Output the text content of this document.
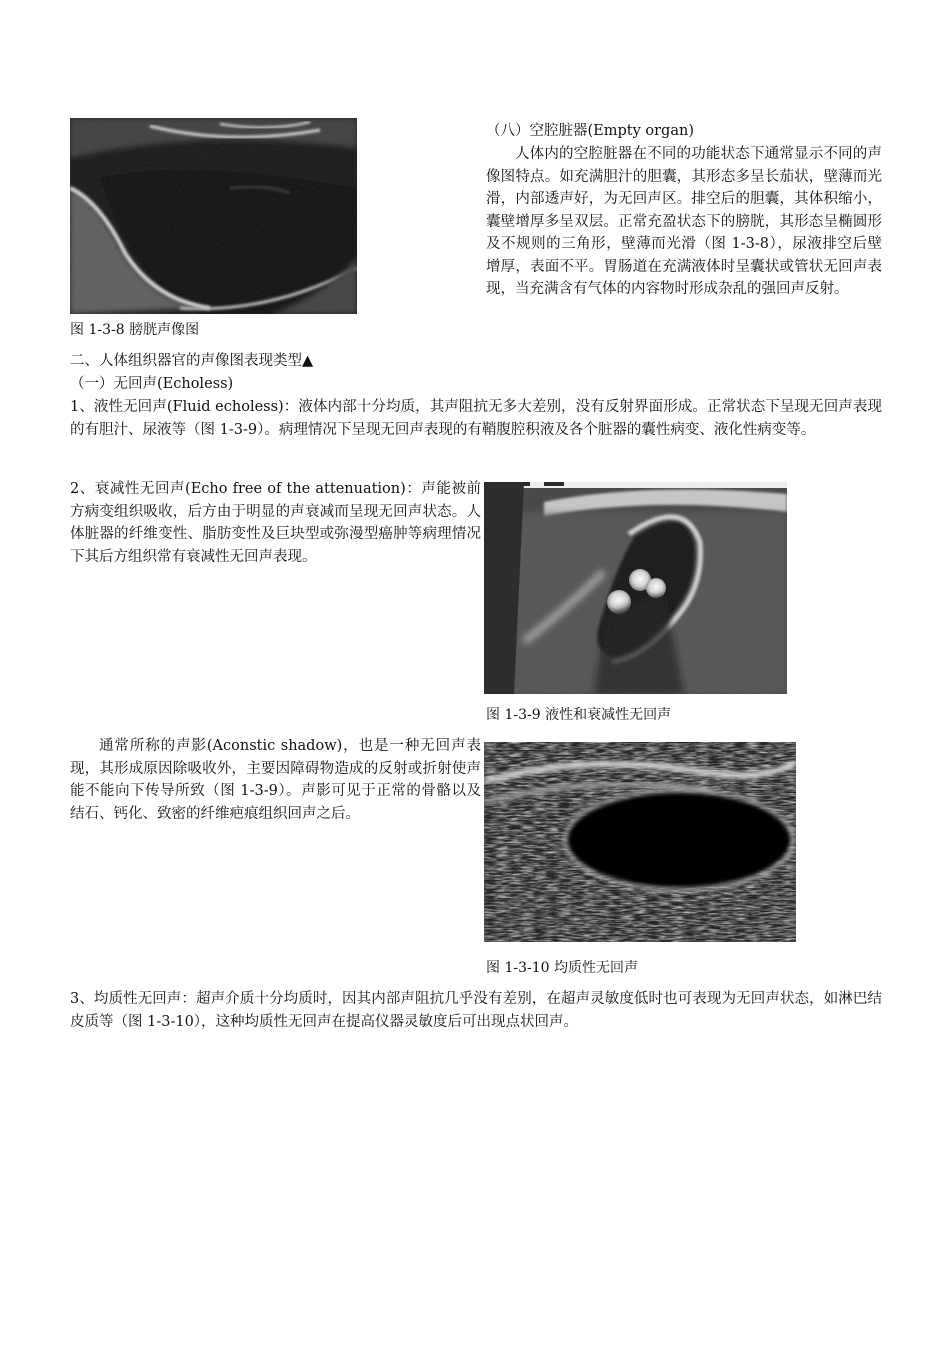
图 1-3-8 膀胱声像图
（八）空腔脏器(Empty organ)

人体内的空腔脏器在不同的功能状态下通常显示不同的声像图特点。如充满胆汁的胆囊，其形态多呈长茄状，壁薄而光滑，内部透声好，为无回声区。排空后的胆囊，其体积缩小，囊壁增厚多呈双层。正常充盈状态下的膀胱，其形态呈椭圆形及不规则的三角形，壁薄而光滑（图 1-3-8），尿液排空后壁增厚，表面不平。胃肠道在充满液体时呈囊状或管状无回声表现，当充满含有气体的内容物时形成杂乱的强回声反射。

二、人体组织器官的声像图表现类型▲
（一）无回声(Echoless)

1、液性无回声(Fluid echoless)：液体内部十分均质，其声阻抗无多大差别，没有反射界面形成。正常状态下呈现无回声表现的有胆汁、尿液等（图 1-3-9）。病理情况下呈现无回声表现的有鞘腹腔积液及各个脏器的囊性病变、液化性病变等。

2、衰减性无回声(Echo free of the attenuation)：声能被前方病变组织吸收，后方由于明显的声衰减而呈现无回声状态。人体脏器的纤维变性、脂肪变性及巨块型或弥漫型癌肿等病理情况下其后方组织常有衰减性无回声表现。

图 1-3-9 液性和衰减性无回声

通常所称的声影(Aconstic shadow)，也是一种无回声表现，其形成原因除吸收外，主要因障碍物造成的反射或折射使声能不能向下传导所致（图 1-3-9）。声影可见于正常的骨骼以及结石、钙化、致密的纤维疤痕组织回声之后。

图 1-3-10 均质性无回声

3、均质性无回声：超声介质十分均质时，因其内部声阻抗几乎没有差别，在超声灵敏度低时也可表现为无回声状态，如淋巴结皮质等（图 1-3-10），这种均质性无回声在提高仪器灵敏度后可出现点状回声。
